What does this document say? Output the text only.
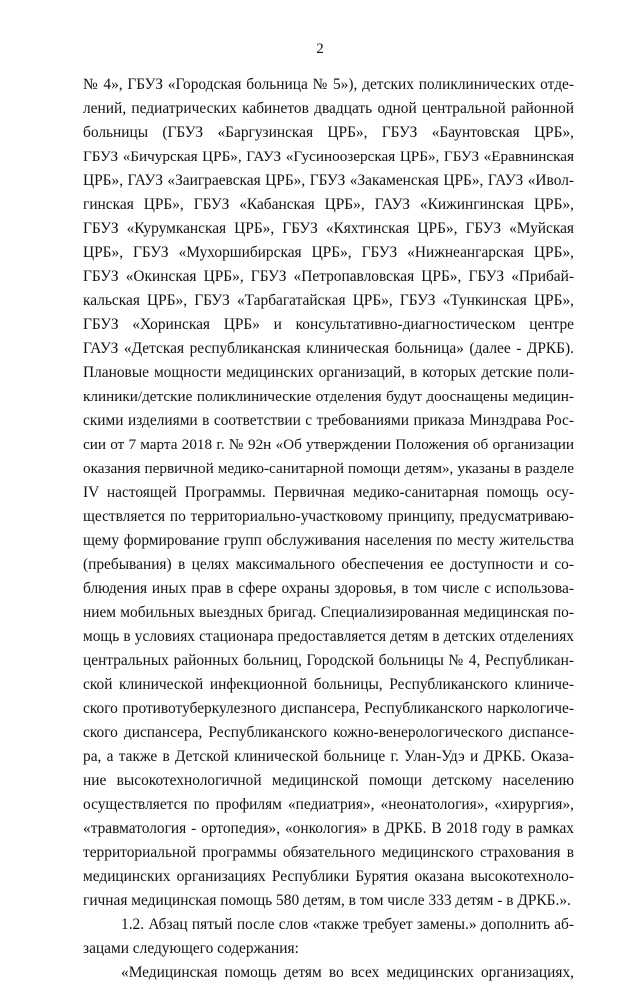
2
№ 4», ГБУЗ «Городская больница № 5»), детских поликлинических отде-
лений, педиатрических кабинетов двадцать одной центральной районной
больницы (ГБУЗ «Баргузинская ЦРБ», ГБУЗ «Баунтовская ЦРБ»,
ГБУЗ «Бичурская ЦРБ», ГАУЗ «Гусиноозерская ЦРБ», ГБУЗ «Еравнинская
ЦРБ», ГАУЗ «Заиграевская ЦРБ», ГБУЗ «Закаменская ЦРБ», ГАУЗ «Ивол-
гинская ЦРБ», ГБУЗ «Кабанская ЦРБ», ГАУЗ «Кижингинская ЦРБ»,
ГБУЗ «Курумканская ЦРБ», ГБУЗ «Кяхтинская ЦРБ», ГБУЗ «Муйская
ЦРБ», ГБУЗ «Мухоршибирская ЦРБ», ГБУЗ «Нижнеангарская ЦРБ»,
ГБУЗ «Окинская ЦРБ», ГБУЗ «Петропавловская ЦРБ», ГБУЗ «Прибай-
кальская ЦРБ», ГБУЗ «Тарбагатайская ЦРБ», ГБУЗ «Тункинская ЦРБ»,
ГБУЗ «Хоринская ЦРБ» и консультативно-диагностическом центре
ГАУЗ «Детская республиканская клиническая больница» (далее - ДРКБ).
Плановые мощности медицинских организаций, в которых детские поли-
клиники/детские поликлинические отделения будут дооснащены медицин-
скими изделиями в соответствии с требованиями приказа Минздрава Рос-
сии от 7 марта 2018 г. № 92н «Об утверждении Положения об организации
оказания первичной медико-санитарной помощи детям», указаны в разделе
IV настоящей Программы. Первичная медико-санитарная помощь осу-
ществляется по территориально-участковому принципу, предусматриваю-
щему формирование групп обслуживания населения по месту жительства
(пребывания) в целях максимального обеспечения ее доступности и со-
блюдения иных прав в сфере охраны здоровья, в том числе с использова-
нием мобильных выездных бригад. Специализированная медицинская по-
мощь в условиях стационара предоставляется детям в детских отделениях
центральных районных больниц, Городской больницы № 4, Республикан-
ской клинической инфекционной больницы, Республиканского клиниче-
ского противотуберкулезного диспансера, Республиканского наркологиче-
ского диспансера, Республиканского кожно-венерологического диспансе-
ра, а также в Детской клинической больнице г. Улан-Удэ и ДРКБ. Оказа-
ние высокотехнологичной медицинской помощи детскому населению
осуществляется по профилям «педиатрия», «неонатология», «хирургия»,
«травматология - ортопедия», «онкология» в ДРКБ. В 2018 году в рамках
территориальной программы обязательного медицинского страхования в
медицинских организациях Республики Бурятия оказана высокотехноло-
гичная медицинская помощь 580 детям, в том числе 333 детям - в ДРКБ.».
1.2. Абзац пятый после слов «также требует замены.» дополнить аб-
зацами следующего содержания:
«Медицинская помощь детям во всех медицинских организациях,
